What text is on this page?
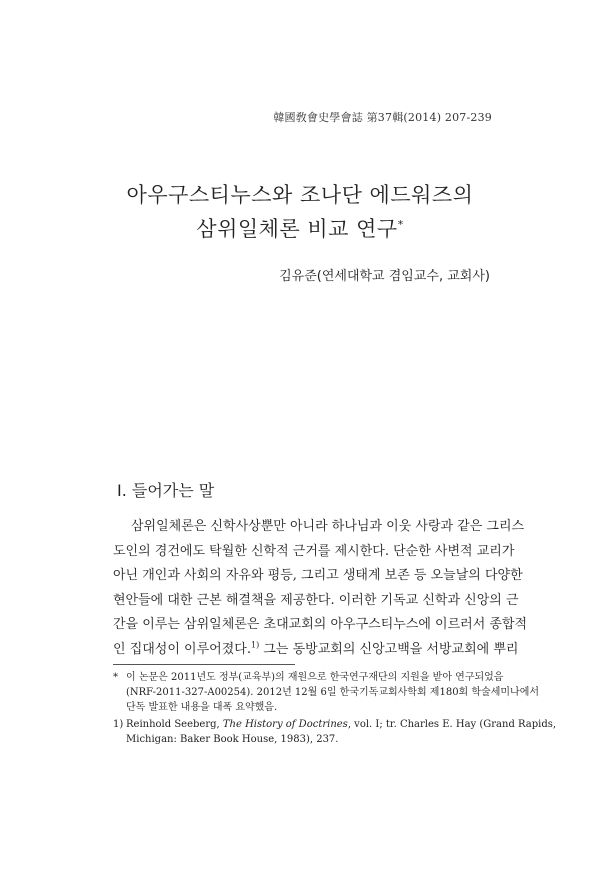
韓國敎會史學會誌 第37輯(2014) 207-239
아우구스티누스와 조나단 에드워즈의
삼위일체론 비교 연구*
김유준(연세대학교 겸임교수, 교회사)
Ⅰ. 들어가는 말
삼위일체론은 신학사상뿐만 아니라 하나님과 이웃 사랑과 같은 그리스
도인의 경건에도 탁월한 신학적 근거를 제시한다. 단순한 사변적 교리가
아닌 개인과 사회의 자유와 평등, 그리고 생태계 보존 등 오늘날의 다양한
현안들에 대한 근본 해결책을 제공한다. 이러한 기독교 신학과 신앙의 근
간을 이루는 삼위일체론은 초대교회의 아우구스티누스에 이르러서 종합적
인 집대성이 이루어졌다.$^{1)}$ 그는 동방교회의 신앙고백을 서방교회에 뿌리
* 이 논문은 2011년도 정부(교육부)의 재원으로 한국연구재단의 지원을 받아 연구되었음
(NRF-2011-327-A00254). 2012년 12월 6일 한국기독교회사학회 제180회 학술세미나에서
단독 발표한 내용을 대폭 요약했음.
1) Reinhold Seeberg, The History of Doctrines, vol. I; tr. Charles E. Hay (Grand Rapids,
Michigan: Baker Book House, 1983), 237.
